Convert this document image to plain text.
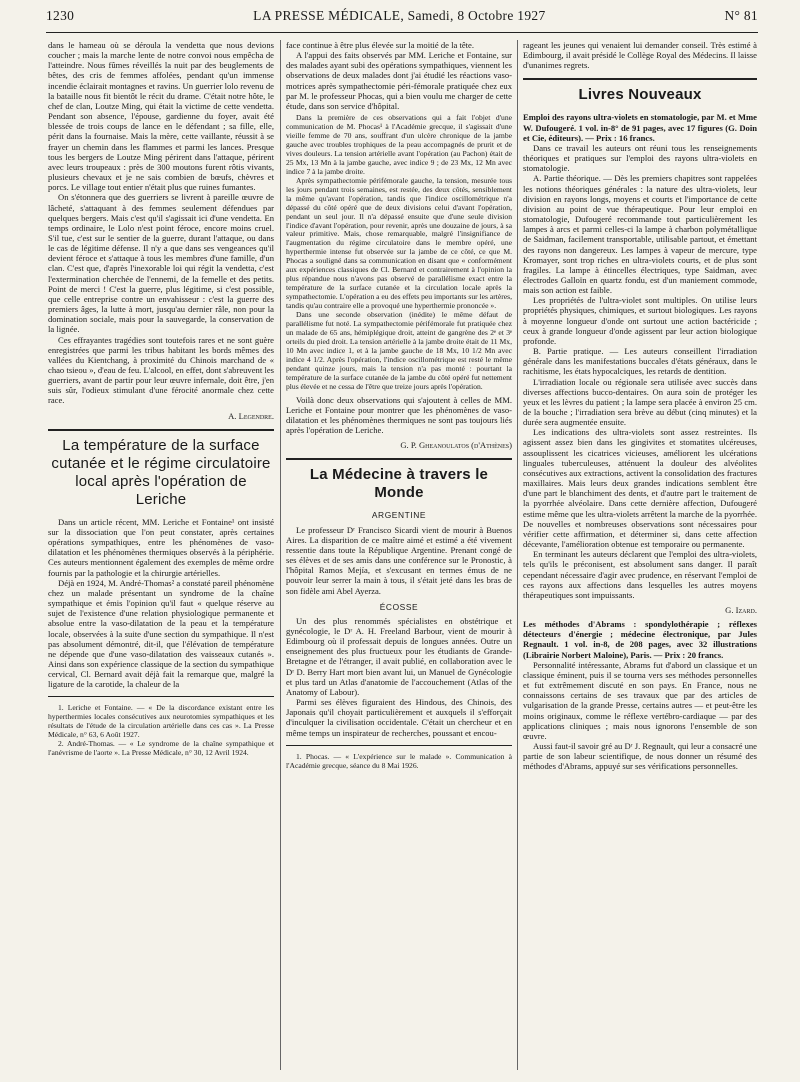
1230	LA PRESSE MÉDICALE, Samedi, 8 Octobre 1927	N° 81

dans le hameau où se déroula la vendetta que nous devions coucher ; mais la marche lente de notre convoi nous empêcha de l'atteindre. Nous fûmes réveillés la nuit par des beuglements de bêtes, des cris de femmes affolées, pendant qu'un immense incendie éclairait montagnes et ravins. Un guerrier lolo revenu de la bataille nous fit bientôt le récit du drame. C'était notre hôte, le chef de clan, Loutze Ming, qui était la victime de cette vendetta. Pendant son absence, l'épouse, gardienne du foyer, avait été blessée de trois coups de lance en le défendant ; sa fille, elle, périt dans la fournaise. Mais la mère, cette vaillante, réussit à se frayer un chemin dans les flammes et parmi les lances. Presque tous les bergers de Loutze Ming périrent dans l'attaque, périrent avec leurs troupeaux : près de 300 moutons furent rôtis vivants, plusieurs chevaux et je ne sais combien de bœufs, chèvres et porcs. Le village tout entier n'était plus que ruines fumantes.

On s'étonnera que des guerriers se livrent à pareille œuvre de lâcheté, s'attaquant à des femmes seulement défendues par quelques bergers. Mais c'est qu'il s'agissait ici d'une vendetta. En temps ordinaire, le Lolo n'est point féroce, encore moins cruel. S'il tue, c'est sur le sentier de la guerre, durant l'attaque, ou dans le cas de légitime défense. Il n'y a que dans ses vengeances qu'il devient féroce et s'attaque à tous les membres d'une famille, d'un clan. C'est que, d'après l'inexorable loi qui régit la vendetta, c'est l'extermination cherchée de l'ennemi, de la femelle et des petits. Point de merci ! C'est la guerre, plus légitime, si c'est possible, que celle entreprise contre un envahisseur : c'est la guerre des premiers âges, la lutte à mort, jusqu'au dernier râle, non pour la domination sociale, mais pour la sauvegarde, la conservation de la lignée.

Ces effrayantes tragédies sont toutefois rares et ne sont guère enregistrées que parmi les tribus habitant les bords mêmes des vallées du Kientchang, à proximité du Chinois marchand de « chao tsieou », d'eau de feu. L'alcool, en effet, dont s'abreuvent les guerriers, avant de partir pour leur œuvre infernale, doit être, j'en suis sûr, l'odieux stimulant d'une férocité anormale chez cette race.

A. Legendre.

La température de la surface cutanée et le régime circulatoire local après l'opération de Leriche

Dans un article récent, MM. Leriche et Fontaine¹ ont insisté sur la dissociation que l'on peut constater, après certaines opérations sympathiques, entre les phénomènes de vaso-dilatation et les phénomènes thermiques observés à la périphérie. Ces auteurs mentionnent également des exemples de même ordre fournis par la pathologie et la chirurgie artérielles.

Déjà en 1924, M. André-Thomas² a constaté pareil phénomène chez un malade présentant un syndrome de la chaîne sympathique et émis l'opinion qu'il faut « quelque réserve au sujet de l'existence d'une relation physiologique permanente et absolue entre la vaso-dilatation de la peau et la température locale, observées à la suite d'une section du sympathique. Il n'est pas absolument démontré, dit-il, que l'élévation de température ne dépende que d'une vaso-dilatation des vaisseaux cutanés ». Ainsi dans son expérience classique de la section du sympathique cervical, Cl. Bernard avait déjà fait la remarque que, malgré la ligature de la carotide, la chaleur de la

1. Leriche et Fontaine. — « De la discordance existant entre les hyperthermies locales consécutives aux neurotomies sympathiques et les résultats de l'étude de la circulation artérielle dans ces cas ». La Presse Médicale, n° 63, 6 Août 1927.

2. André-Thomas. — « Le syndrome de la chaîne sympathique et l'anévrisme de l'aorte ». La Presse Médicale, n° 30, 12 Avril 1924.

face continue à être plus élevée sur la moitié de la tête.

A l'appui des faits observés par MM. Leriche et Fontaine, sur des malades ayant subi des opérations sympathiques, viennent les observations de deux malades dont j'ai étudié les réactions vaso-motrices après sympathectomie péri-fémorale pratiquée chez eux par M. le professeur Phocas, qui a bien voulu me charger de cette étude, dans son service d'hôpital.

Dans la première de ces observations qui a fait l'objet d'une communication de M. Phocas¹ à l'Académie grecque, il s'agissait d'une vieille femme de 70 ans, souffrant d'un ulcère chronique de la jambe gauche avec troubles trophiques de la peau accompagnés de prurit et de vives douleurs. La tension artérielle avant l'opération (au Pachon) était de 25 Mx, 13 Mn à la jambe gauche, avec indice 9 ; de 23 Mx, 12 Mn avec indice 7 à la jambe droite.

Après sympathectomie périfémorale gauche, la tension, mesurée tous les jours pendant trois semaines, est restée, des deux côtés, sensiblement la même qu'avant l'opération, tandis que l'indice oscillométrique n'a dépassé du côté opéré que de deux divisions celui d'avant l'opération, pendant un seul jour. Il n'a dépassé ensuite que d'une seule division l'indice d'avant l'opération, pour revenir, après une douzaine de jours, à sa valeur primitive. Mais, chose remarquable, malgré l'insignifiance de l'augmentation du régime circulatoire dans le membre opéré, une hyperthermie intense fut observée sur la jambe de ce côté, ce que M. Phocas a souligné dans sa communication en disant que « conformément aux expériences classiques de Cl. Bernard et contrairement à l'opinion la plus répandue nous n'avons pas observé de parallélisme exact entre la température de la surface cutanée et la circulation locale après la sympathectomie. L'opération a eu des effets peu importants sur les artères, tandis qu'au contraire elle a provoqué une hyperthermie prononcée ».

Dans une seconde observation (inédite) le même défaut de parallélisme fut noté. La sympathectomie périfémorale fut pratiquée chez un malade de 65 ans, hémiplégique droit, atteint de gangrène des 2ᵉ et 3ᵉ orteils du pied droit. La tension artérielle à la jambe droite était de 11 Mx, 10 Mn avec indice 1, et à la jambe gauche de 18 Mx, 10 1/2 Mn avec indice 4 1/2. Après l'opération, l'indice oscillométrique est resté le même pendant quinze jours, mais la tension n'a pas monté : pourtant la température de la surface cutanée de la jambe du côté opéré fut nettement plus élevée et ne cessa de l'être que treize jours après l'opération.

Voilà donc deux observations qui s'ajoutent à celles de MM. Leriche et Fontaine pour montrer que les phénomènes de vaso-dilatation et les phénomènes thermiques ne sont pas toujours liés après l'opération de Leriche.

G. P. Gheanoulatos (d'Athènes)

La Médecine à travers le Monde
ARGENTINE

Le professeur Dʳ Francisco Sicardi vient de mourir à Buenos Aires. La disparition de ce maître aimé et estimé a été vivement ressentie dans toute la République Argentine. Prenant congé de ses élèves et de ses amis dans une conférence sur le Pronostic, à l'hôpital Ramos Mejía, et s'excusant en termes émus de ne pouvoir leur serrer la main à tous, il s'était jeté dans les bras de son fidèle ami Abel Ayerza.

ÉCOSSE

Un des plus renommés spécialistes en obstétrique et gynécologie, le Dʳ A. H. Freeland Barbour, vient de mourir à Edimbourg où il professait depuis de longues années. Outre un enseignement des plus fructueux pour les étudiants de Grande-Bretagne et de l'étranger, il avait publié, en collaboration avec le Dʳ D. Berry Hart mort bien avant lui, un Manuel de Gynécologie et plus tard un Atlas d'anatomie de l'accouchement (Atlas of the Anatomy of Labour).

Parmi ses élèves figuraient des Hindous, des Chinois, des Japonais qu'il choyait particulièrement et auxquels il s'efforçait d'inculquer la civilisation occidentale. C'était un chercheur et en même temps un inspirateur de recherches, poussant et encou-

1. Phocas. — « L'expérience sur le malade ». Communication à l'Académie grecque, séance du 8 Mai 1926.

rageant les jeunes qui venaient lui demander conseil. Très estimé à Edimbourg, il avait présidé le Collège Royal des Médecins. Il laisse d'unanimes regrets.

Livres Nouveaux

Emploi des rayons ultra-violets en stomatologie, par M. et Mme W. Dufougeré. 1 vol. in-8° de 91 pages, avec 17 figures (G. Doin et Cie, éditeurs). — Prix : 16 francs.

Dans ce travail les auteurs ont réuni tous les renseignements théoriques et pratiques sur l'emploi des rayons ultra-violets en stomatologie.

A. Partie théorique. — Dès les premiers chapitres sont rappelées les notions théoriques générales : la nature des ultra-violets, leur division en rayons longs, moyens et courts et l'importance de cette division au point de vue thérapeutique. Pour leur emploi en stomatologie, Dufougeré recommande tout particulièrement les lampes à arcs et parmi celles-ci la lampe à charbon polymétallique de Saidman, facilement transportable, utilisable partout, et émettant des rayons non dangereux. Les lampes à vapeur de mercure, type Kromayer, sont trop riches en ultra-violets courts, et de plus sont fragiles. La lampe à étincelles électriques, type Saidman, avec électrodes Galloïn en quartz fondu, est d'un maniement commode, mais son action est faible.

Les propriétés de l'ultra-violet sont multiples. On utilise leurs propriétés physiques, chimiques, et surtout biologiques. Les rayons à moyenne longueur d'onde ont surtout une action bactéricide ; ceux à grande longueur d'onde agissent par leur action biologique profonde.

B. Partie pratique. — Les auteurs conseillent l'irradiation générale dans les manifestations buccales d'états généraux, dans le rachitisme, les états hypocalciques, les retards de dentition.

L'irradiation locale ou régionale sera utilisée avec succès dans diverses affections bucco-dentaires. On aura soin de protéger les yeux et les lèvres du patient ; la lampe sera placée à environ 25 cm. de la bouche ; l'irradiation sera brève au début (cinq minutes) et la durée sera augmentée ensuite.

Les indications des ultra-violets sont assez restreintes. Ils agissent assez bien dans les gingivites et stomatites ulcéreuses, assouplissent les cicatrices vicieuses, améliorent les ulcérations linguales tuberculeuses, atténuent la douleur des alvéolites consécutives aux extractions, activent la consolidation des fractures maxillaires. Mais leurs deux grandes indications semblent être d'une part le blanchiment des dents, et d'autre part le traitement de la pyorrhée alvéolaire. Dans cette dernière affection, Dufougeré estime même que les ultra-violets arrêtent la marche de la pyorrhée. De nouvelles et nombreuses observations sont nécessaires pour vérifier cette affirmation, et déterminer si, dans cette affection décevante, l'amélioration obtenue est temporaire ou permanente.

En terminant les auteurs déclarent que l'emploi des ultra-violets, tels qu'ils le préconisent, est absolument sans danger. Il paraît cependant nécessaire d'agir avec prudence, en réservant l'emploi de ces rayons aux affections dans lesquelles les autres moyens thérapeutiques sont impuissants.

G. Izard.

Les méthodes d'Abrams : spondylothérapie ; réflexes détecteurs d'énergie ; médecine électronique, par Jules Regnault. 1 vol. in-8, de 208 pages, avec 32 illustrations (Librairie Norbert Maloine), Paris. — Prix : 20 francs.

Personnalité intéressante, Abrams fut d'abord un classique et un classique éminent, puis il se tourna vers ses méthodes personnelles et fut extrêmement discuté en son pays. En France, nous ne connaissons certains de ses travaux que par des articles de vulgarisation de la grande Presse, certains autres — et peut-être les moins originaux, comme le réflexe vertébro-cardiaque — par des applications cliniques ; mais nous ignorons l'ensemble de son œuvre.

Aussi faut-il savoir gré au Dʳ J. Regnault, qui leur a consacré une partie de son labeur scientifique, de nous donner un résumé des méthodes d'Abrams, appuyé sur ses vérifications personnelles.
